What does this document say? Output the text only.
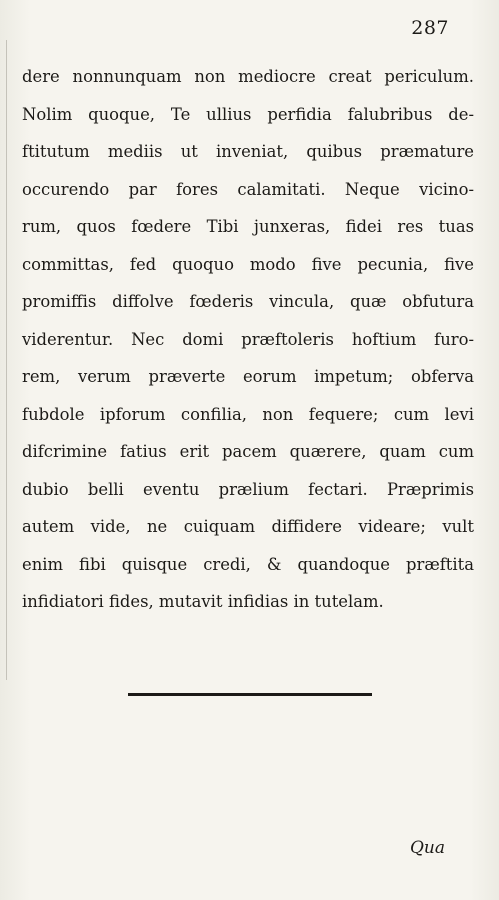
287
dere nonnunquam non mediocre creat periculum.
Nolim quoque, Te ullius perfidia falubribus de-
ftitutum mediis ut inveniat, quibus præmature
occurendo par fores calamitati. Neque vicino-
rum, quos fœdere Tibi junxeras, fidei res tuas
committas, fed quoquo modo five pecunia, five
promiffis diffolve fœderis vincula, quæ obfutura
viderentur. Nec domi præftoleris hoftium furo-
rem, verum præverte eorum impetum; obferva
fubdole ipforum confilia, non fequere; cum levi
difcrimine fatius erit pacem quærere, quam cum
dubio belli eventu prælium fectari. Præprimis
autem vide, ne cuiquam diffidere videare; vult
enim fibi quisque credi, & quandoque præftita
infidiatori fides, mutavit infidias in tutelam.
Qua
